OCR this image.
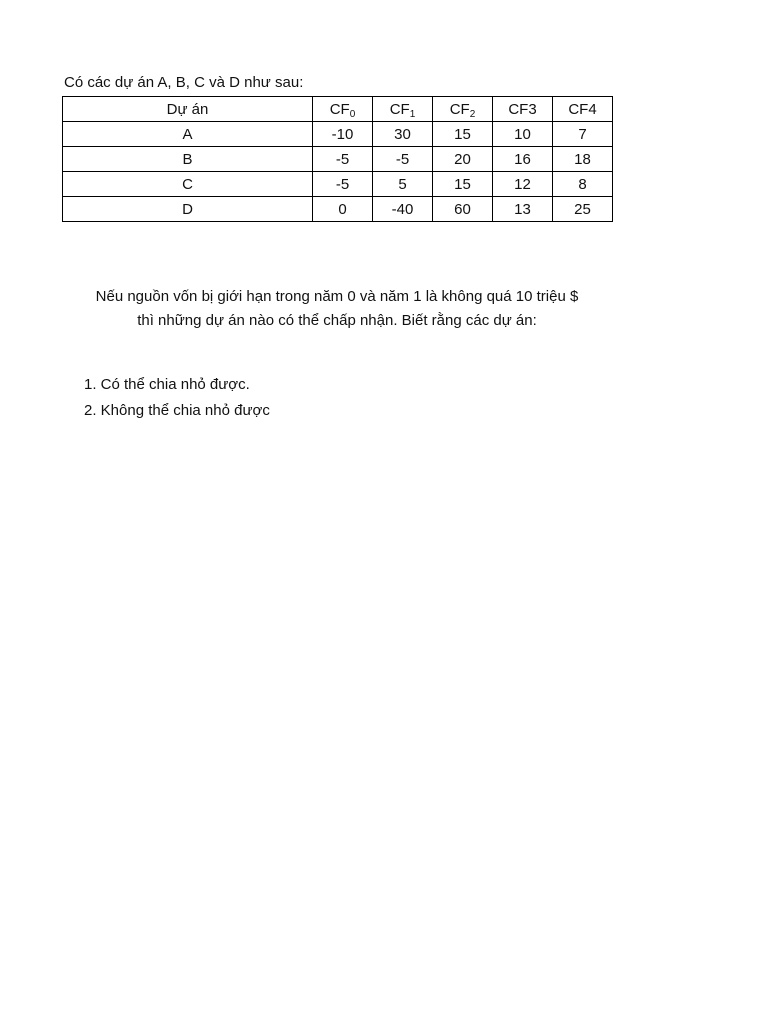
Có các dự án A, B, C và D như sau:
Dự án	$CF_0$	$CF_1$	$CF_2$	CF3	CF4
A	-10	30	15	10	7
B	-5	-5	20	16	18
C	-5	5	15	12	8
D	0	-40	60	13	25
Nếu nguồn vốn bị giới hạn trong năm 0 và năm 1 là không quá 10 triệu $
thì những dự án nào có thể chấp nhận. Biết rằng các dự án:
1. Có thể chia nhỏ được.
2. Không thể chia nhỏ được
